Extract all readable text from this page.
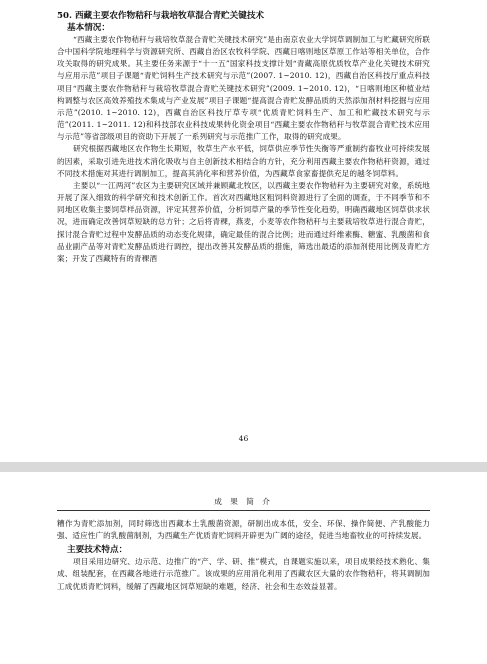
50. 西藏主要农作物秸秆与栽培牧草混合青贮关键技术

基本情况：

“西藏主要农作物秸秆与栽培牧草混合青贮关键技术研究”是由南京农业大学饲草调制加工与贮藏研究所联合中国科学院地理科学与资源研究所、西藏自治区农牧科学院、西藏日喀则地区草原工作站等相关单位，合作攻关取得的研究成果。其主要任务来源于“十一五”国家科技支撑计划“青藏高原优质牧草产业化关键技术研究与应用示范”项目子课题“青贮饲料生产技术研究与示范”(2007. 1~2010. 12)，西藏自治区科技厅重点科技项目“西藏主要农作物秸秆与栽培牧草混合青贮关键技术研究”(2009. 1~2010. 12)，“日喀则地区种植业结构调整与农区高效养殖技术集成与产业发展”项目子课题“提高混合青贮发酵品质的天然添加剂材料挖掘与应用示范”(2010. 1~2010. 12)，西藏自治区科技厅草专项“优质青贮饲料生产、加工和贮藏技术研究与示范”(2011. 1~2011. 12)和科技部农业科技成果转化资金项目“西藏主要农作物秸秆与牧草混合青贮技术应用与示范”等省部级项目的资助下开展了一系列研究与示范推广工作，取得的研究成果。

研究根据西藏地区农作物生长期短，牧草生产水平低，饲草供应季节性失衡等严重制约畜牧业可持续发展的因素，采取引进先进技术消化吸收与自主创新技术相结合的方针，充分利用西藏主要农作物秸秆资源，通过不同技术措施对其进行调制加工，提高其消化率和营养价值，为西藏草食家畜提供充足的越冬饲草料。

主要以“一江两河”农区为主要研究区域并兼顾藏北牧区，以西藏主要农作物秸秆为主要研究对象，系统地开展了深入细致的科学研究和技术创新工作。首次对西藏地区粗饲料资源进行了全面的调查，于不同季节和不同地区收集主要饲草样品资源，评定其营养价值，分析饲草产量的季节性变化趋势，明确西藏地区饲草供求状况，进而确定改善饲草短缺的总方针；之后将青稞，燕麦，小麦等农作物秸秆与主要栽培牧草进行混合青贮，探讨混合青贮过程中发酵品质的动态变化规律，确定最佳的混合比例；进而通过纤维素酶、糖蜜、乳酸菌和食品业副产品等对青贮发酵品质进行调控，提出改善其发酵品质的措施，筛选出最适的添加剂使用比例及青贮方案；开发了西藏特有的青稞酒

46
成 果 简 介

糟作为青贮添加剂，同时筛选出西藏本土乳酸菌资源，研制出成本低，安全、环保、操作简便、产乳酸能力强、适应性广的乳酸菌制剂，为西藏生产优质青贮饲料开辟更为广阔的途径，促进当地畜牧业的可持续发展。

主要技术特点：

项目采用边研究、边示范、边推广的“产、学、研、推”模式，自课题实施以来，项目成果经技术熟化、集成、组装配套，在西藏各地进行示范推广。该成果的应用消化利用了西藏农区大量的农作物秸秆，将其调制加工成优质青贮饲料，缓解了西藏地区饲草短缺的难题，经济、社会和生态效益显著。
